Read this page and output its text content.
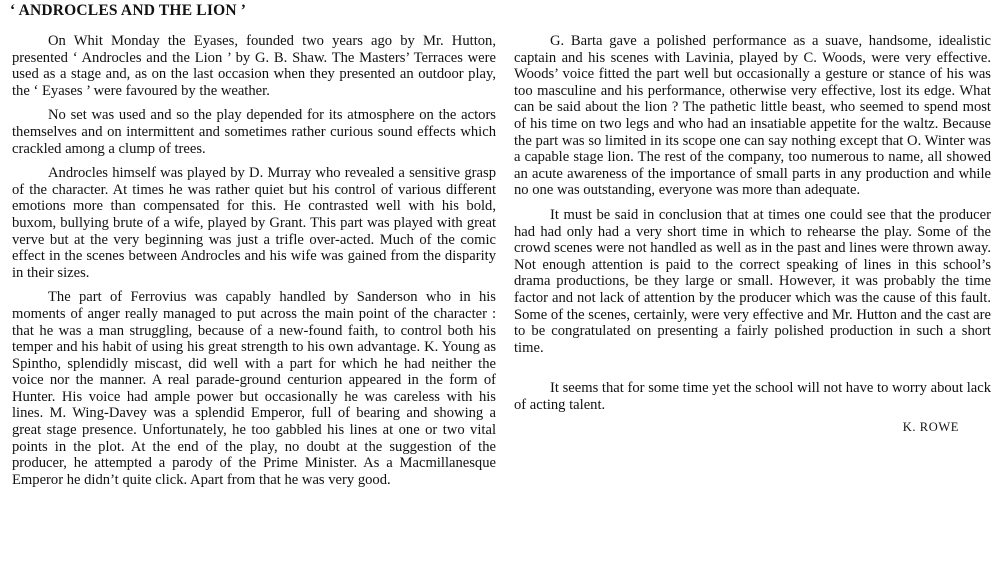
‘ ANDROCLES AND THE LION ’

On Whit Monday the Eyases, founded two years ago by Mr. Hutton, presented ‘ Androcles and the Lion ’ by G. B. Shaw. The Masters’ Terraces were used as a stage and, as on the last occasion when they presented an outdoor play, the ‘ Eyases ’ were favoured by the weather.

No set was used and so the play depended for its atmosphere on the actors themselves and on intermittent and sometimes rather curious sound effects which crackled among a clump of trees.

Androcles himself was played by D. Murray who revealed a sensitive grasp of the character. At times he was rather quiet but his control of various different emotions more than compensated for this. He contrasted well with his bold, buxom, bullying brute of a wife, played by Grant. This part was played with great verve but at the very beginning was just a trifle over-acted. Much of the comic effect in the scenes between Androcles and his wife was gained from the disparity in their sizes.

The part of Ferrovius was capably handled by Sanderson who in his moments of anger really managed to put across the main point of the character : that he was a man struggling, because of a new-found faith, to control both his temper and his habit of using his great strength to his own advantage. K. Young as Spintho, splendidly miscast, did well with a part for which he had neither the voice nor the manner. A real parade-ground centurion appeared in the form of Hunter. His voice had ample power but occasionally he was careless with his lines. M. Wing-Davey was a splendid Emperor, full of bearing and showing a great stage presence. Unfortunately, he too gabbled his lines at one or two vital points in the plot. At the end of the play, no doubt at the suggestion of the producer, he attempted a parody of the Prime Minister. As a Macmillanesque Emperor he didn’t quite click. Apart from that he was very good.

G. Barta gave a polished performance as a suave, handsome, idealistic captain and his scenes with Lavinia, played by C. Woods, were very effective. Woods’ voice fitted the part well but occasionally a gesture or stance of his was too masculine and his performance, otherwise very effective, lost its edge. What can be said about the lion ? The pathetic little beast, who seemed to spend most of his time on two legs and who had an insatiable appetite for the waltz. Because the part was so limited in its scope one can say nothing except that O. Winter was a capable stage lion. The rest of the company, too numerous to name, all showed an acute awareness of the importance of small parts in any production and while no one was outstanding, everyone was more than adequate.

It must be said in conclusion that at times one could see that the producer had had only had a very short time in which to rehearse the play. Some of the crowd scenes were not handled as well as in the past and lines were thrown away. Not enough attention is paid to the correct speaking of lines in this school’s drama productions, be they large or small. However, it was probably the time factor and not lack of attention by the producer which was the cause of this fault. Some of the scenes, certainly, were very effective and Mr. Hutton and the cast are to be congratulated on presenting a fairly polished production in such a short time.

It seems that for some time yet the school will not have to worry about lack of acting talent.

K. ROWE
